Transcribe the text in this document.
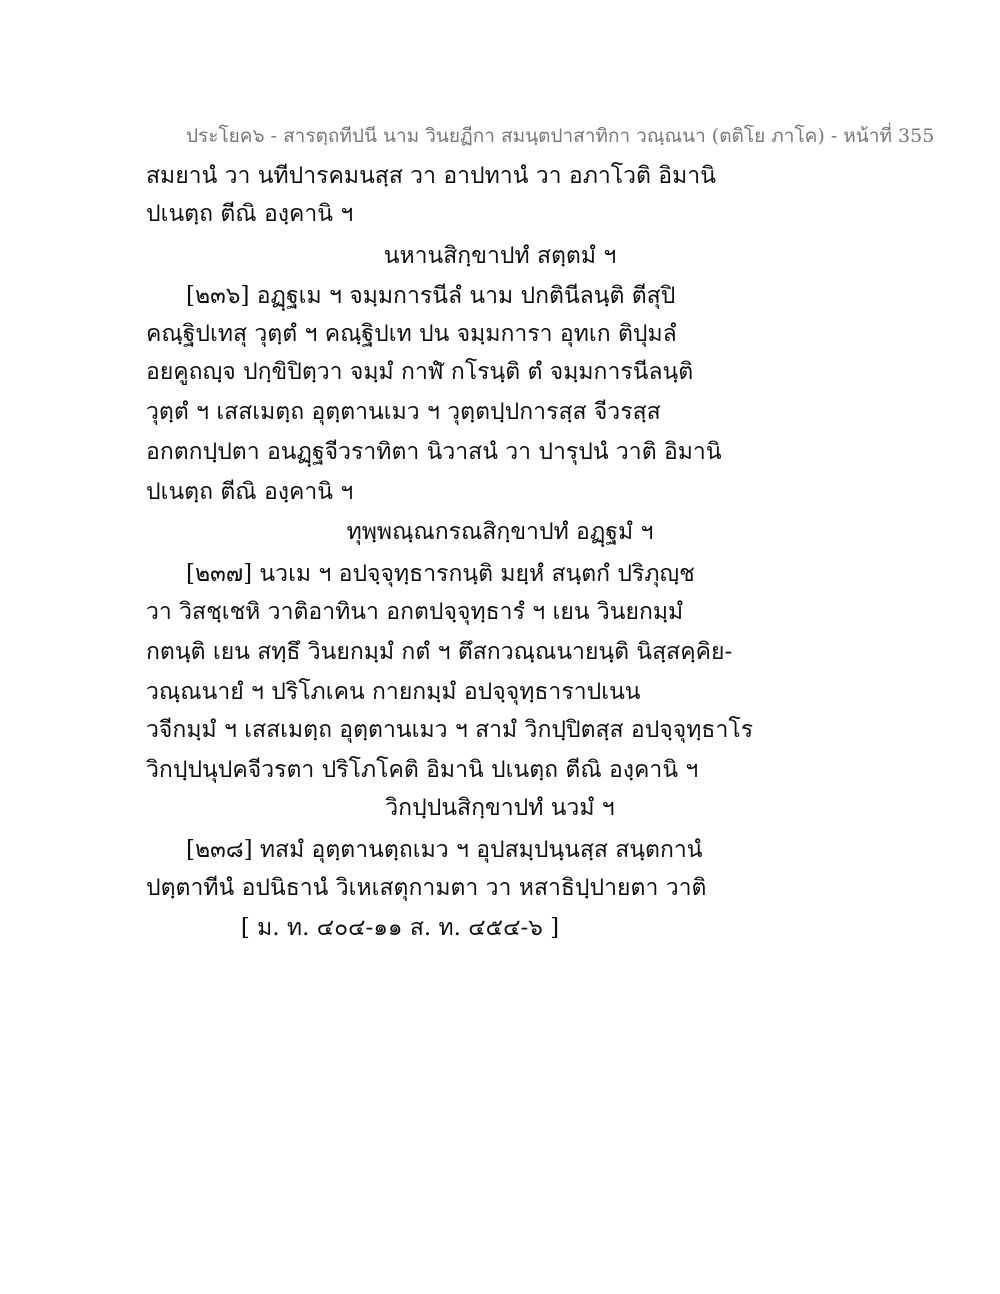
ประโยค๖ - สารตฺถทีปนี นาม วินยฏีกา สมนฺตปาสาทิกา วณฺณนา (ตติโย ภาโค) - หน้าที่ 355
สมยานํ วา นทีปารคมนสฺส วา อาปทานํ วา อภาโวติ อิมานิ
ปเนตฺถ ตีณิ องฺคานิ ฯ
นหานสิกฺขาปทํ สตฺตมํ ฯ
[๒๓๖] อฏฺฐเม ฯ จมฺมการนีลํ นาม ปกตินีลนฺติ ตีสุปิ
คณฺฐิปเทสุ วุตฺตํ ฯ คณฺฐิปเท ปน จมฺมการา อุทเก ติปุมลํ
อยคูถญฺจ ปกฺขิปิตฺวา จมฺมํ กาฬํ กโรนฺติ ตํ จมฺมการนีลนฺติ
วุตฺตํ ฯ เสสเมตฺถ อุตฺตานเมว ฯ วุตฺตปฺปการสฺส จีวรสฺส
อกตกปฺปตา อนฏฺฐจีวราทิตา นิวาสนํ วา ปารุปนํ วาติ อิมานิ
ปเนตฺถ ตีณิ องฺคานิ ฯ
ทุพฺพณฺณกรณสิกฺขาปทํ อฏฺฐมํ ฯ
[๒๓๗] นวเม ฯ อปจฺจุทฺธารกนฺติ มยฺหํ สนฺตกํ ปริภุญฺช
วา วิสชฺเชหิ วาติอาทินา อกตปจฺจุทฺธารํ ฯ เยน วินยกมฺมํ
กตนฺติ เยน สทฺธึ วินยกมฺมํ กตํ ฯ ตึสกวณฺณนายนฺติ นิสฺสคฺคิย-
วณฺณนายํ ฯ ปริโภเคน กายกมฺมํ อปจฺจุทฺธาราปเนน
วจีกมฺมํ ฯ เสสเมตฺถ อุตฺตานเมว ฯ สามํ วิกปฺปิตสฺส อปจฺจุทฺธาโร
วิกปฺปนุปคจีวรตา ปริโภโคติ อิมานิ ปเนตฺถ ตีณิ องฺคานิ ฯ
วิกปฺปนสิกฺขาปทํ นวมํ ฯ
[๒๓๘] ทสมํ อุตฺตานตฺถเมว ฯ อุปสมฺปนฺนสฺส สนฺตกานํ
ปตฺตาทีนํ อปนิธานํ วิเหเสตุกามตา วา หสาธิปฺปายตา วาติ
[ ม. ท. ๔๐๔-๑๑ ส. ท. ๔๕๔-๖ ]
